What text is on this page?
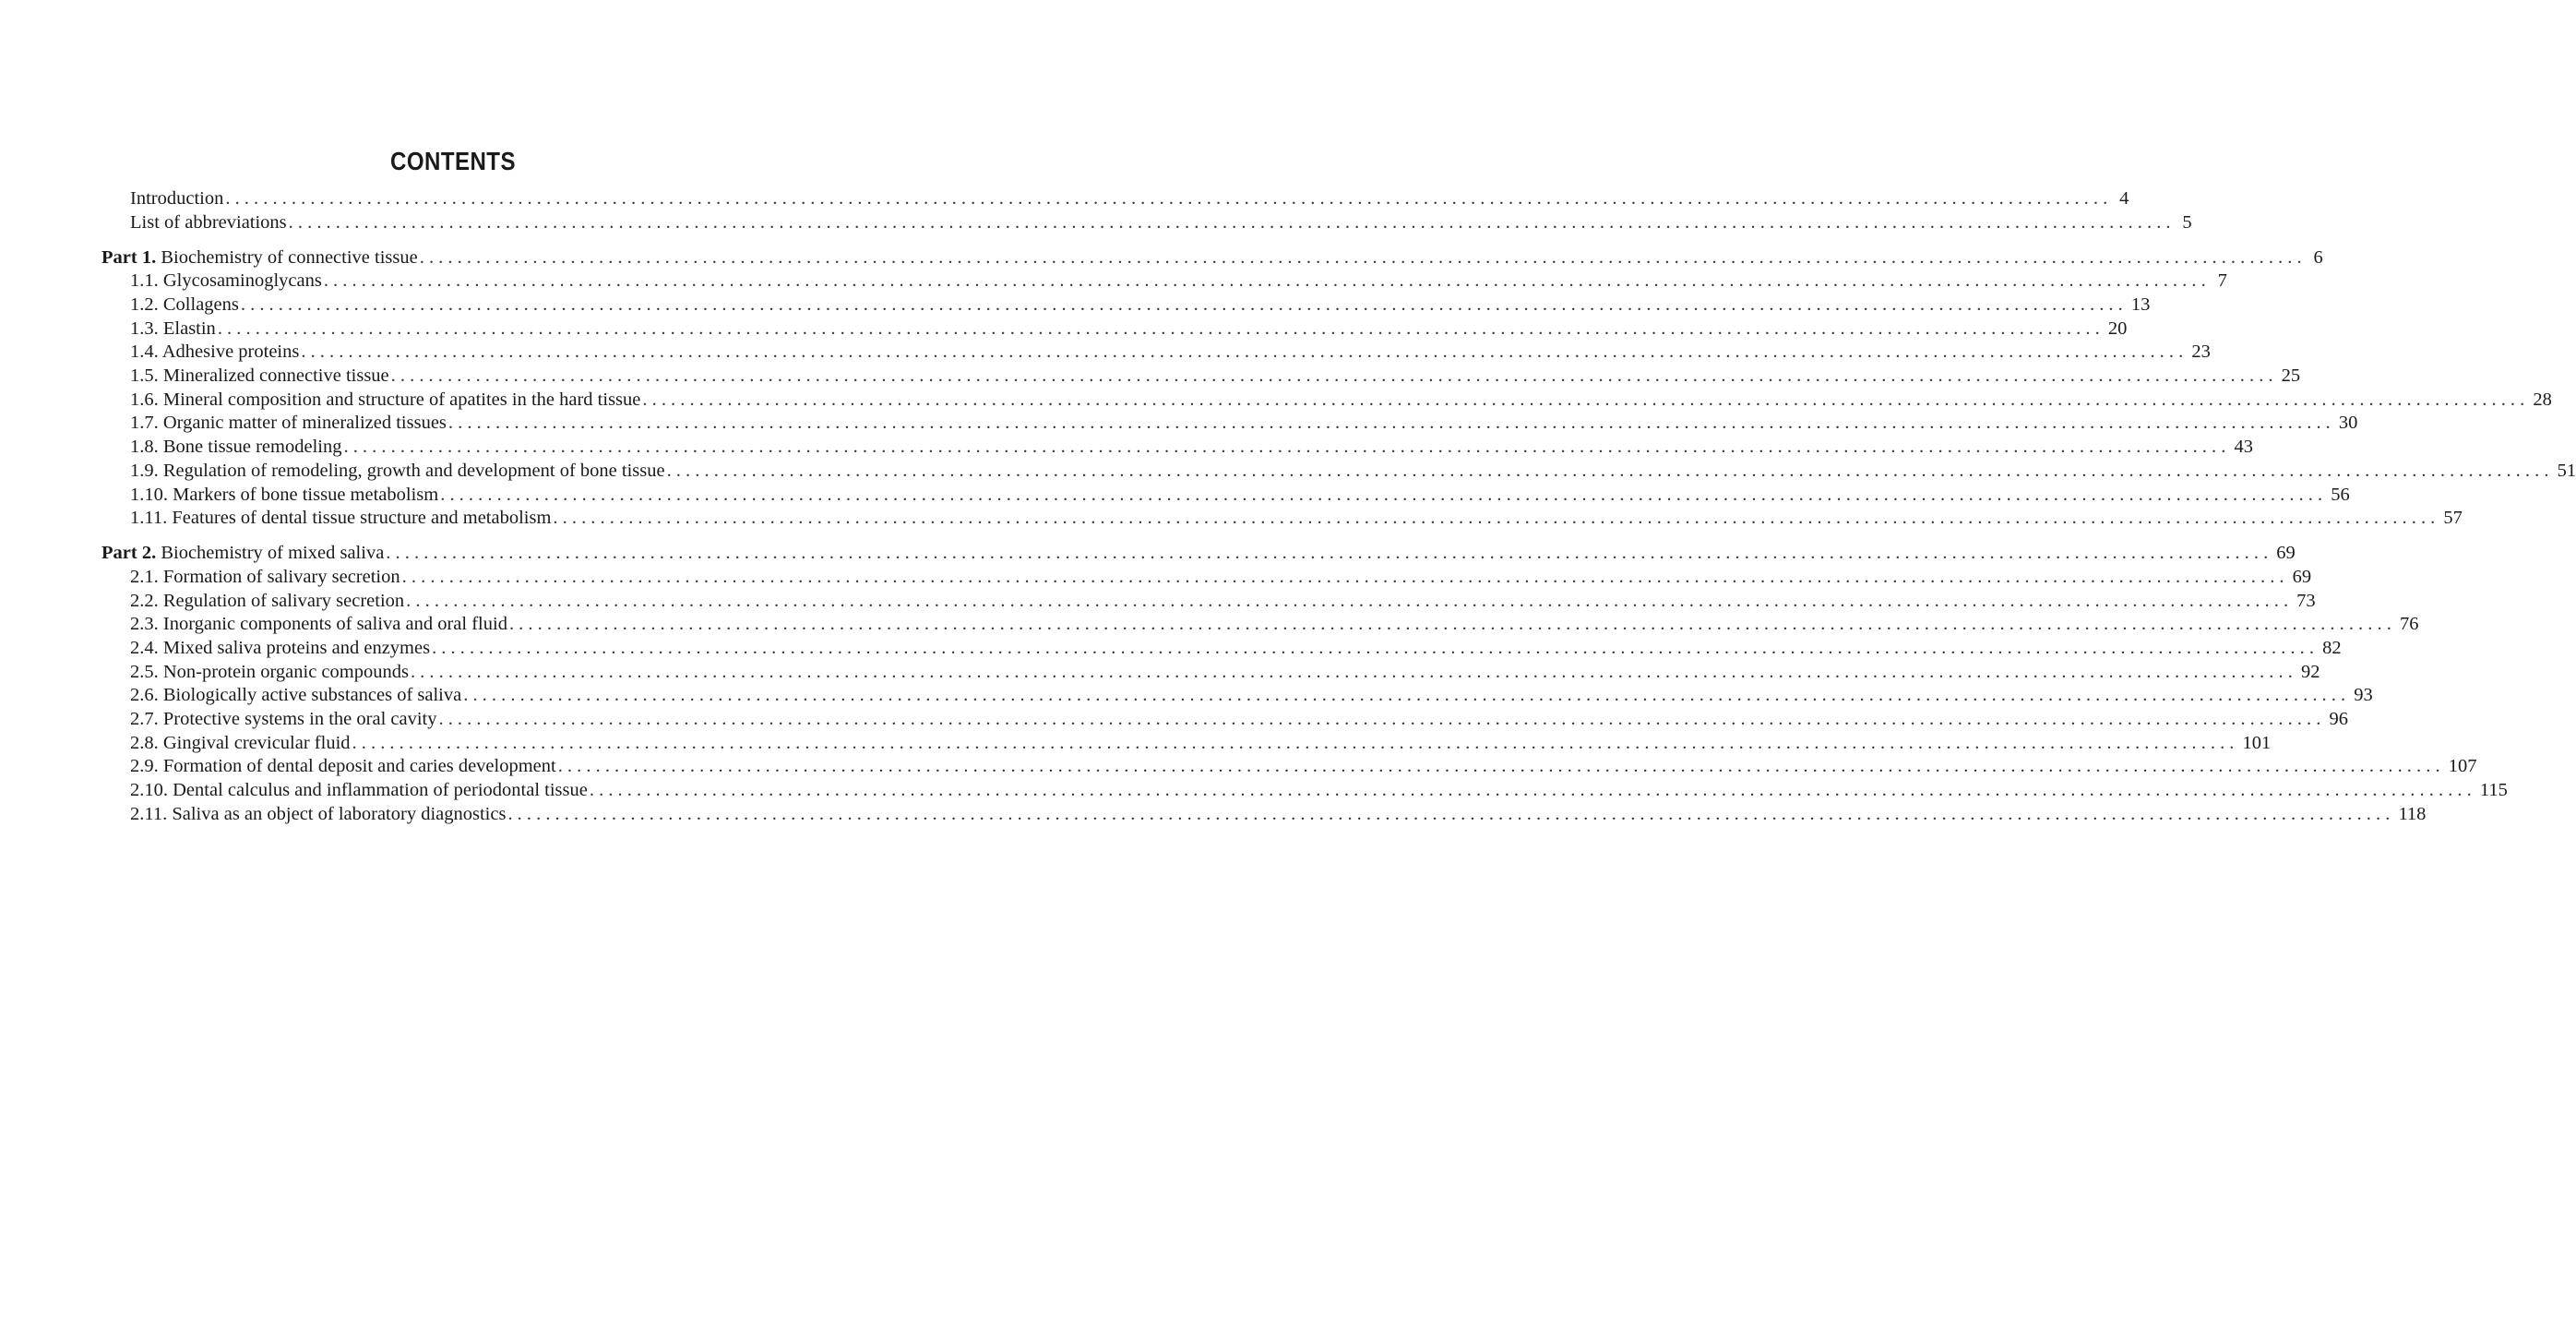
CONTENTS
Introduction ........................................................................................................................................................................................................ 4
List of abbreviations ........................................................................................................................................................................................................ 5
Part 1. Biochemistry of connective tissue ........................................................................................................................................................................................................ 6
1.1. Glycosaminoglycans ........................................................................................................................................................................................................ 7
1.2. Collagens ........................................................................................................................................................................................................ 13
1.3. Elastin ........................................................................................................................................................................................................ 20
1.4. Adhesive proteins ........................................................................................................................................................................................................ 23
1.5. Mineralized connective tissue ........................................................................................................................................................................................................ 25
1.6. Mineral composition and structure of apatites in the hard tissue ........................................................................................................................................................................................................ 28
1.7. Organic matter of mineralized tissues ........................................................................................................................................................................................................ 30
1.8. Bone tissue remodeling ........................................................................................................................................................................................................ 43
1.9. Regulation of remodeling, growth and development of bone tissue ........................................................................................................................................................................................................ 51
1.10. Markers of bone tissue metabolism ........................................................................................................................................................................................................ 56
1.11. Features of dental tissue structure and metabolism ........................................................................................................................................................................................................ 57
Part 2. Biochemistry of mixed saliva ........................................................................................................................................................................................................ 69
2.1. Formation of salivary secretion ........................................................................................................................................................................................................ 69
2.2. Regulation of salivary secretion ........................................................................................................................................................................................................ 73
2.3. Inorganic components of saliva and oral fluid ........................................................................................................................................................................................................ 76
2.4. Mixed saliva proteins and enzymes ........................................................................................................................................................................................................ 82
2.5. Non-protein organic compounds ........................................................................................................................................................................................................ 92
2.6. Biologically active substances of saliva ........................................................................................................................................................................................................ 93
2.7. Protective systems in the oral cavity ........................................................................................................................................................................................................ 96
2.8. Gingival crevicular fluid ........................................................................................................................................................................................................ 101
2.9. Formation of dental deposit and caries development ........................................................................................................................................................................................................ 107
2.10. Dental calculus and inflammation of periodontal tissue ........................................................................................................................................................................................................ 115
2.11. Saliva as an object of laboratory diagnostics ........................................................................................................................................................................................................ 118
